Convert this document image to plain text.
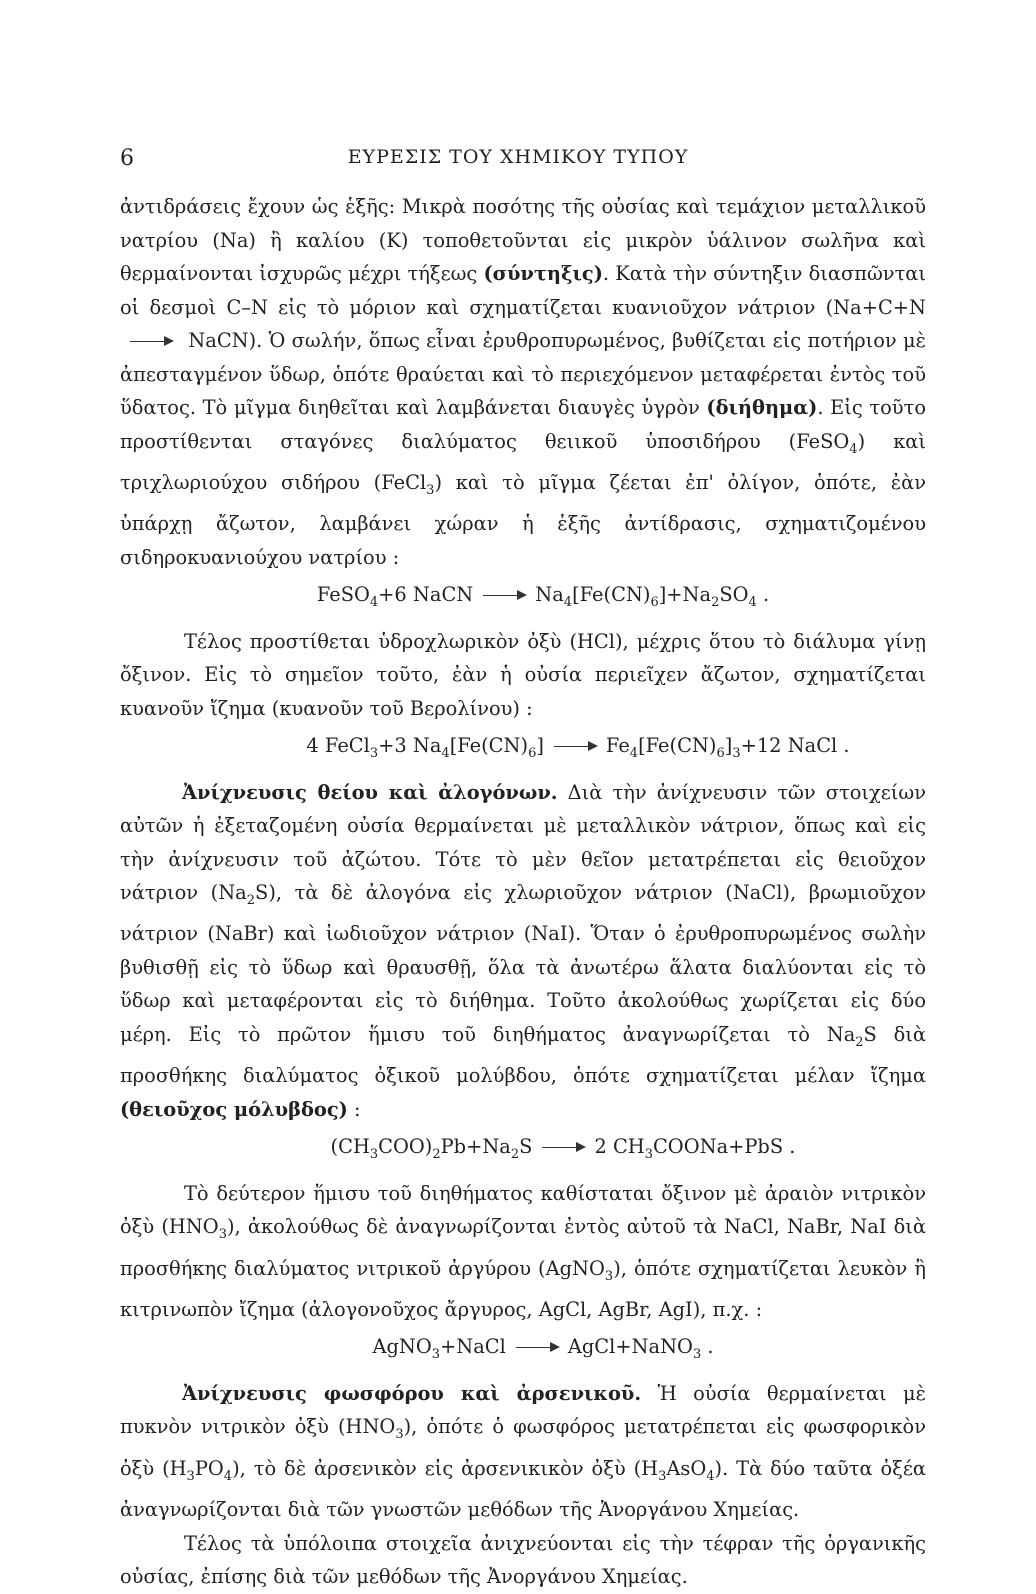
6	ΕΥΡΕΣΙΣ ΤΟΥ ΧΗΜΙΚΟΥ ΤΥΠΟΥ

ἀντιδράσεις ἔχουν ὡς ἑξῆς: Μικρὰ ποσότης τῆς οὐσίας καὶ τεμάχιον μεταλλικοῦ νατρίου (Na) ἢ καλίου (K) τοποθετοῦνται εἰς μικρὸν ὑάλινον σωλῆνα καὶ θερμαίνονται ἰσχυρῶς μέχρι τήξεως (σύντηξις). Κατὰ τὴν σύντηξιν διασπῶνται οἱ δεσμοὶ C–N εἰς τὸ μόριον καὶ σχηματίζεται κυανιοῦχον νάτριον (Na+C+N  NaCN). Ὁ σωλήν, ὅπως εἶναι ἐρυθροπυρωμένος, βυθίζεται εἰς ποτήριον μὲ ἀπεσταγμένον ὕδωρ, ὁπότε θραύεται καὶ τὸ περιεχόμενον μεταφέρεται ἐντὸς τοῦ ὕδατος. Τὸ μῖγμα διηθεῖται καὶ λαμβάνεται διαυγὲς ὑγρὸν (διήθημα). Εἰς τοῦτο προστίθενται σταγόνες διαλύματος θειικοῦ ὑποσιδήρου (FeSO$_4$) καὶ τριχλωριούχου σιδήρου (FeCl$_3$) καὶ τὸ μῖγμα ζέεται ἐπ' ὀλίγον, ὁπότε, ἐὰν ὑπάρχῃ ἄζωτον, λαμβάνει χώραν ἡ ἑξῆς ἀντίδρασις, σχηματιζομένου σιδηροκυανιούχου νατρίου :

FeSO$_4$+6 NaCN	$Na_4[Fe(CN)_6]+Na_2SO_4$ .

Τέλος προστίθεται ὑδροχλωρικὸν ὀξὺ (HCl), μέχρις ὅτου τὸ διάλυμα γίνῃ ὄξινον. Εἰς τὸ σημεῖον τοῦτο, ἐὰν ἡ οὐσία περιεῖχεν ἄζωτον, σχηματίζεται κυανοῦν ἴζημα (κυανοῦν τοῦ Βερολίνου) :

4 FeCl$_3$+3 $Na_4[Fe(CN)_6]$	$Fe_4[Fe(CN)_6]_3+12$ NaCl .

Ἀνίχνευσις θείου καὶ ἀλογόνων. Διὰ τὴν ἀνίχνευσιν τῶν στοιχείων αὐτῶν ἡ ἐξεταζομένη οὐσία θερμαίνεται μὲ μεταλλικὸν νάτριον, ὅπως καὶ εἰς τὴν ἀνίχνευσιν τοῦ ἀζώτου. Τότε τὸ μὲν θεῖον μετατρέπεται εἰς θειοῦχον νάτριον $(Na_2S)$, τὰ δὲ ἀλογόνα εἰς χλωριοῦχον νάτριον (NaCl), βρωμιοῦχον νάτριον (NaBr) καὶ ἰωδιοῦχον νάτριον (NaI). Ὅταν ὁ ἐρυθροπυρωμένος σωλὴν βυθισθῇ εἰς τὸ ὕδωρ καὶ θραυσθῇ, ὅλα τὰ ἀνωτέρω ἅλατα διαλύονται εἰς τὸ ὕδωρ καὶ μεταφέρονται εἰς τὸ διήθημα. Τοῦτο ἀκολούθως χωρίζεται εἰς δύο μέρη. Εἰς τὸ πρῶτον ἥμισυ τοῦ διηθήματος ἀναγνωρίζεται τὸ $Na_2S$ διὰ προσθήκης διαλύματος ὀξικοῦ μολύβδου, ὁπότε σχηματίζεται μέλαν ἴζημα (θειοῦχος μόλυβδος) :

$(CH_3COO)_2Pb+Na_2S$	2 $CH_3COONa+PbS$ .

Τὸ δεύτερον ἥμισυ τοῦ διηθήματος καθίσταται ὄξινον μὲ ἀραιὸν νιτρικὸν ὀξὺ $(HNO_3)$, ἀκολούθως δὲ ἀναγνωρίζονται ἐντὸς αὐτοῦ τὰ NaCl, NaBr, NaI διὰ προσθήκης διαλύματος νιτρικοῦ ἀργύρου (AgNO$_3$), ὁπότε σχηματίζεται λευκὸν ἢ κιτρινωπὸν ἴζημα (ἀλογονοῦχος ἄργυρος, AgCl, AgBr, AgI), π.χ. :

AgNO$_3$+NaCl	AgCl+NaNO$_3$ .

Ἀνίχνευσις φωσφόρου καὶ ἀρσενικοῦ. Ἡ οὐσία θερμαίνεται μὲ πυκνὸν νιτρικὸν ὀξὺ $(HNO_3)$, ὁπότε ὁ φωσφόρος μετατρέπεται εἰς φωσφορικὸν ὀξὺ $(H_3PO_4)$, τὸ δὲ ἀρσενικὸν εἰς ἀρσενικικὸν ὀξὺ $(H_3AsO_4)$. Τὰ δύο ταῦτα ὀξέα ἀναγνωρίζονται διὰ τῶν γνωστῶν μεθόδων τῆς Ἀνοργάνου Χημείας.

Τέλος τὰ ὑπόλοιπα στοιχεῖα ἀνιχνεύονται εἰς τὴν τέφραν τῆς ὀργανικῆς οὐσίας, ἐπίσης διὰ τῶν μεθόδων τῆς Ἀνοργάνου Χημείας.
